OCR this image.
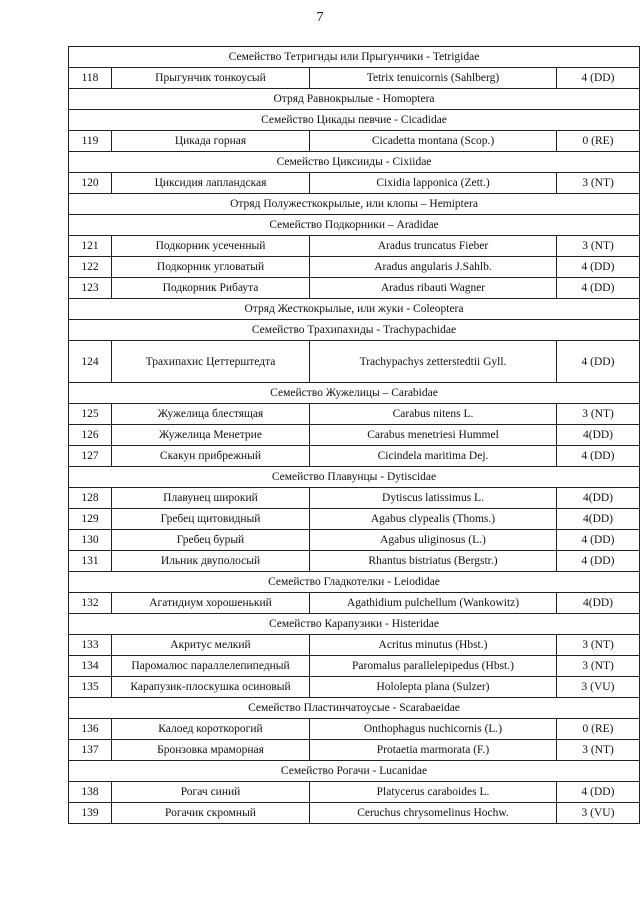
7
Семейство Тетригиды или Прыгунчики - Tetrigidae			
118	Прыгунчик тонкоусый	Tetrix tenuicornis (Sahlberg)	4 (DD)
Отряд Равнокрылые - Homoptera			
Семейство Цикады певчие - Cicadidae			
119	Цикада горная	Cicadetta montana (Scop.)	0 (RE)
Семейство Циксииды - Cixiidae			
120	Циксидия лапландская	Cixidia lapponica (Zett.)	3 (NT)
Отряд Полужесткокрылые, или клопы – Hemiptera			
Семейство Подкорники – Aradidae			
121	Подкорник усеченный	Aradus truncatus Fieber	3 (NT)
122	Подкорник угловатый	Aradus angularis J.Sahlb.	4 (DD)
123	Подкорник Рибаута	Aradus ribauti Wagner	4 (DD)
Отряд Жесткокрылые, или жуки - Coleoptera			
Семейство Трахипахиды - Trachypachidae			
124	Трахипахис Цеттерштедта	Trachypachys zetterstedtii Gyll.	4 (DD)
Семейство Жужелицы – Carabidae			
125	Жужелица блестящая	Carabus nitens L.	3 (NT)
126	Жужелица Менетрие	Carabus menetriesi Hummel	4(DD)
127	Скакун прибрежный	Cicindela maritima Dej.	4 (DD)
Семейство Плавунцы - Dytiscidae			
128	Плавунец широкий	Dytiscus latissimus L.	4(DD)
129	Гребец щитовидный	Agabus clypealis (Thoms.)	4(DD)
130	Гребец бурый	Agabus uliginosus (L.)	4 (DD)
131	Ильник двуполосый	Rhantus bistriatus (Bergstr.)	4 (DD)
Семейство Гладкотелки - Leiodidae			
132	Агатидиум хорошенький	Agathidium pulchellum (Wankowitz)	4(DD)
Семейство Карапузики - Histeridae			
133	Акритус мелкий	Acritus minutus (Hbst.)	3 (NT)
134	Паромалюс параллелепипедный	Paromalus parallelepipedus (Hbst.)	3 (NT)
135	Карапузик-плоскушка осиновый	Hololepta plana (Sulzer)	3 (VU)
Семейство Пластинчатоусые - Scarabaeidae			
136	Калоед короткорогий	Onthophagus nuchicornis (L.)	0 (RE)
137	Бронзовка мраморная	Protaetia marmorata (F.)	3 (NT)
Семейство Рогачи - Lucanidae			
138	Рогач синий	Platycerus caraboides L.	4 (DD)
139	Рогачик скромный	Ceruchus chrysomelinus Hochw.	3 (VU)
